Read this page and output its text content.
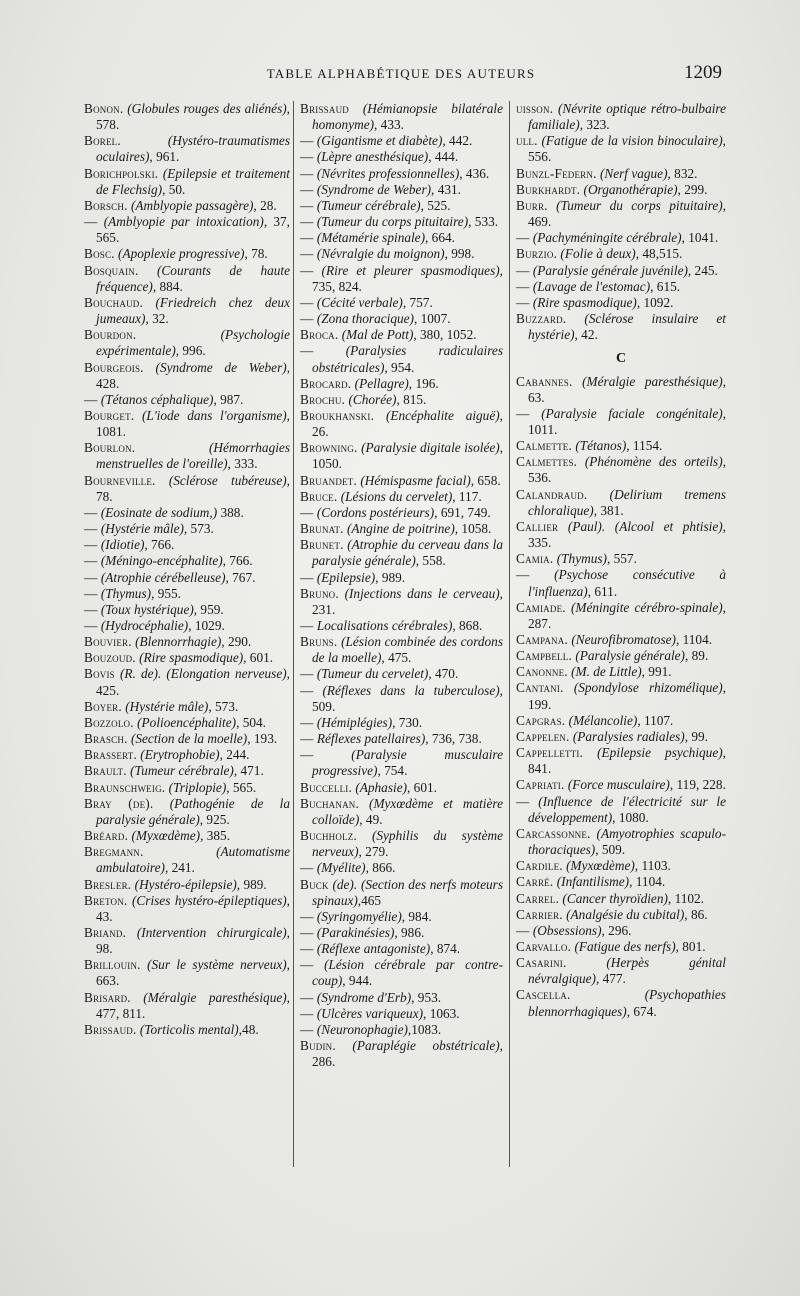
TABLE ALPHABÉTIQUE DES AUTEURS	1209

Bonon. (Globules rouges des aliénés), 578.

Borel.	(Hystéro-traumatismes oculaires), 961.

Borichpolski. (Epilepsie et traitement de Flechsig), 50.

Borsch. (Amblyopie passagère), 28.

— (Amblyopie par intoxication), 37, 565.

Bosc. (Apoplexie progressive), 78.

Bosquain. (Courants de haute fréquence), 884.

Bouchaud. (Friedreich chez deux jumeaux), 32.

Bourdon.	(Psychologie expérimentale), 996.

Bourgeois. (Syndrome de Weber), 428.

— (Tétanos céphalique), 987.

Bourget. (L'iode dans l'organisme), 1081.

Bourlon.	(Hémorrhagies menstruelles de l'oreille), 333.

Bourneville. (Sclérose tubéreuse), 78.

— (Eosinate de sodium,) 388.

— (Hystérie mâle), 573.

— (Idiotie), 766.

— (Méningo-encéphalite), 766.

— (Atrophie cérébelleuse), 767.

— (Thymus), 955.

— (Toux hystérique), 959.

— (Hydrocéphalie), 1029.

Bouvier. (Blennorrhagie), 290.

Bouzoud. (Rire spasmodique), 601.

Bovis (R. de). (Elongation nerveuse), 425.

Boyer. (Hystérie mâle), 573.

Bozzolo. (Polioencéphalite), 504.

Brasch. (Section de la moelle), 193.

Brassert. (Erytrophobie), 244.

Brault. (Tumeur cérébrale), 471.

Braunschweig. (Triplopie), 565.

Bray (de). (Pathogénie de la paralysie générale), 925.

Bréard. (Myxœdème), 385.

Bregmann.	(Automatisme ambulatoire), 241.

Bresler. (Hystéro-épilepsie), 989.

Breton. (Crises hystéro-épileptiques), 43.

Briand. (Intervention chirurgicale), 98.

Brillouin. (Sur le système nerveux), 663.

Brisard. (Méralgie paresthésique), 477, 811.

Brissaud. (Torticolis mental),48.

Brissaud (Hémianopsie bilatérale homonyme), 433.

— (Gigantisme et diabète), 442.

— (Lèpre anesthésique), 444.

— (Névrites professionnelles), 436.

— (Syndrome de Weber), 431.

— (Tumeur cérébrale), 525.

— (Tumeur du corps pituitaire), 533.

— (Métamérie spinale), 664.

— (Névralgie du moignon), 998.

— (Rire et pleurer spasmodiques), 735, 824.

— (Cécité verbale), 757.

— (Zona thoracique), 1007.

Broca. (Mal de Pott), 380, 1052.

— (Paralysies radiculaires obstétricales), 954.

Brocard. (Pellagre), 196.

Brochu. (Chorée), 815.

Broukhanski. (Encéphalite aiguë), 26.

Browning. (Paralysie digitale isolée), 1050.

Bruandet. (Hémispasme facial), 658.

Bruce. (Lésions du cervelet), 117.

— (Cordons postérieurs), 691, 749.

Brunat. (Angine de poitrine), 1058.

Brunet. (Atrophie du cerveau dans la paralysie générale), 558.

— (Epilepsie), 989.

Bruno. (Injections dans le cerveau), 231.

— Localisations cérébrales), 868.

Bruns. (Lésion combinée des cordons de la moelle), 475.

— (Tumeur du cervelet), 470.

— (Réflexes dans la tuberculose), 509.

— (Hémiplégies), 730.

— Réflexes patellaires), 736, 738.

—	(Paralysie musculaire progressive), 754.

Buccelli. (Aphasie), 601.

Buchanan. (Myxœdème et matière colloïde), 49.

Buchholz. (Syphilis du système nerveux), 279.

— (Myélite), 866.

Buck (de). (Section des nerfs moteurs spinaux),465

— (Syringomyélie), 984.

— (Parakinésies), 986.

— (Réflexe antagoniste), 874.

— (Lésion cérébrale par contre-coup), 944.

— (Syndrome d'Erb), 953.

— (Ulcères variqueux), 1063.

— (Neuronophagie),1083.

Budin. (Paraplégie obstétricale), 286.

uisson. (Névrite optique rétro-bulbaire familiale), 323.

ull. (Fatigue de la vision binoculaire), 556.

Bunzl-Federn. (Nerf vague), 832.

Burkhardt. (Organothérapie), 299.

Burr. (Tumeur du corps pituitaire), 469.

— (Pachyméningite cérébrale), 1041.

Burzio. (Folie à deux), 48,515.

— (Paralysie générale juvénile), 245.

— (Lavage de l'estomac), 615.

— (Rire spasmodique), 1092.

Buzzard. (Sclérose insulaire et hystérie), 42.

C

Cabannes. (Méralgie paresthésique), 63.

— (Paralysie faciale congénitale), 1011.

Calmette. (Tétanos), 1154.

Calmettes. (Phénomène des orteils), 536.

Calandraud. (Delirium tremens chloralique), 381.

Callier (Paul). (Alcool et phtisie), 335.

Camia. (Thymus), 557.

— (Psychose consécutive à l'influenza), 611.

Camiade. (Méningite cérébro-spinale), 287.

Campana. (Neurofibromatose), 1104.

Campbell. (Paralysie générale), 89.

Canonne. (M. de Little), 991.

Cantani. (Spondylose rhizomélique), 199.

Capgras. (Mélancolie), 1107.

Cappelen. (Paralysies radiales), 99.

Cappelletti. (Epilepsie psychique), 841.

Capriati. (Force musculaire), 119, 228.

— (Influence de l'électricité sur le développement), 1080.

Carcassonne. (Amyotrophies scapulo-thoraciques), 509.

Cardile. (Myxœdème), 1103.

Carré. (Infantilisme), 1104.

Carrel. (Cancer thyroïdien), 1102.

Carrier. (Analgésie du cubital), 86.

— (Obsessions), 296.

Carvallo. (Fatigue des nerfs), 801.

Casarini.	(Herpès génital névralgique), 477.

Cascella.	(Psychopathies blennorrhagiques), 674.
